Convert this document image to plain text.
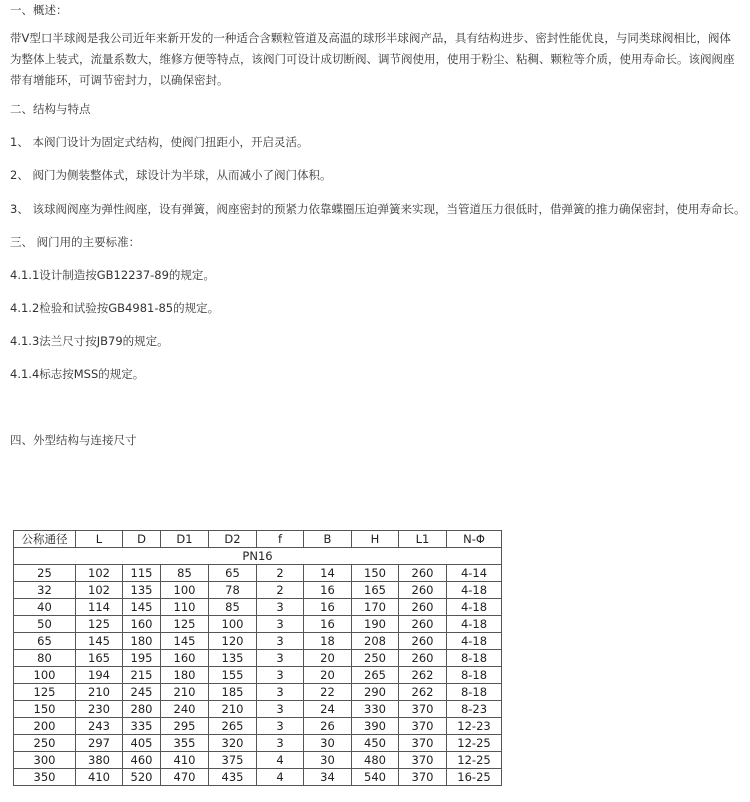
一、概述：
带V型口半球阀是我公司近年来新开发的一种适合含颗粒管道及高温的球形半球阀产品，具有结构进步、密封性能优良，与同类球阀相比，阀体为整体上装式，流量系数大，维修方便等特点，该阀门可设计成切断阀、调节阀使用，使用于粉尘、粘稠、颗粒等介质，使用寿命长。该阀阀座带有增能环，可调节密封力，以确保密封。
二、结构与特点
1、 本阀门设计为固定式结构，使阀门扭距小，开启灵活。
2、 阀门为侧装整体式，球设计为半球，从而减小了阀门体积。
3、 该球阀阀座为弹性阀座，设有弹簧，阀座密封的预紧力依靠蝶圈压迫弹簧来实现，当管道压力很低时，借弹簧的推力确保密封，使用寿命长。
三、 阀门用的主要标准：
4.1.1设计制造按GB12237-89的规定。
4.1.2检验和试验按GB4981-85的规定。
4.1.3法兰尺寸按JB79的规定。
4.1.4标志按MSS的规定。
四、外型结构与连接尺寸
公称通径	L	D	D1	D2	f	B	H	L1	N-Φ
PN16									
25	102	115	85	65	2	14	150	260	4-14
32	102	135	100	78	2	16	165	260	4-18
40	114	145	110	85	3	16	170	260	4-18
50	125	160	125	100	3	16	190	260	4-18
65	145	180	145	120	3	18	208	260	4-18
80	165	195	160	135	3	20	250	260	8-18
100	194	215	180	155	3	20	265	262	8-18
125	210	245	210	185	3	22	290	262	8-18
150	230	280	240	210	3	24	330	370	8-23
200	243	335	295	265	3	26	390	370	12-23
250	297	405	355	320	3	30	450	370	12-25
300	380	460	410	375	4	30	480	370	12-25
350	410	520	470	435	4	34	540	370	16-25
